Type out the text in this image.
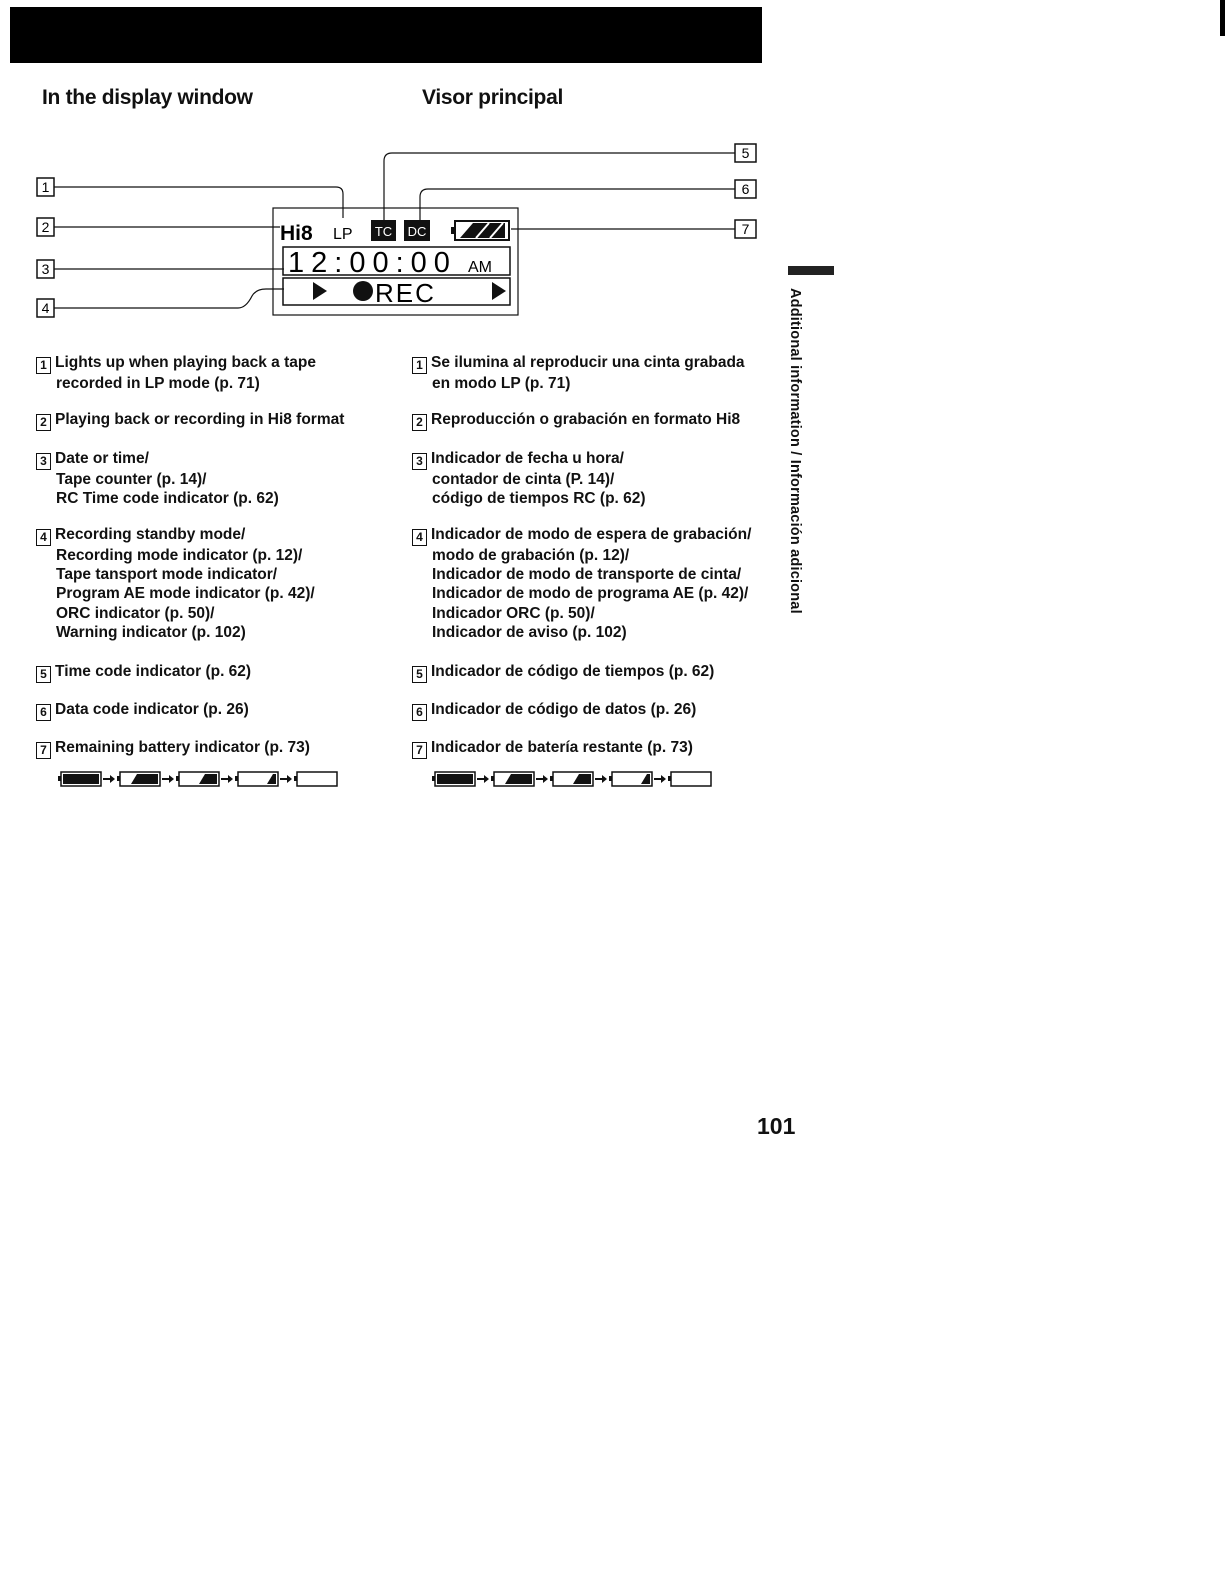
In the display window	Visor principal
1
2
3
4
5
6
7
Hi8 LP TC DC
12:00:00 AM
REC
1 Lights up when playing back a tape
recorded in LP mode (p. 71)
2 Playing back or recording in Hi8 format
3 Date or time/
Tape counter (p. 14)/
RC Time code indicator (p. 62)
4 Recording standby mode/
Recording mode indicator (p. 12)/
Tape tansport mode indicator/
Program AE mode indicator (p. 42)/
ORC indicator (p. 50)/
Warning indicator (p. 102)
5 Time code indicator (p. 62)
6 Data code indicator (p. 26)
7 Remaining battery indicator (p. 73)
1 Se ilumina al reproducir una cinta grabada
en modo LP (p. 71)
2 Reproducción o grabación en formato Hi8
3 Indicador de fecha u hora/
contador de cinta (P. 14)/
código de tiempos RC (p. 62)
4 Indicador de modo de espera de grabación/
modo de grabación (p. 12)/
Indicador de modo de transporte de cinta/
Indicador de modo de programa AE (p. 42)/
Indicador ORC (p. 50)/
Indicador de aviso (p. 102)
5 Indicador de código de tiempos (p. 62)
6 Indicador de código de datos (p. 26)
7 Indicador de batería restante (p. 73)
Additional information / Información adicional
101
